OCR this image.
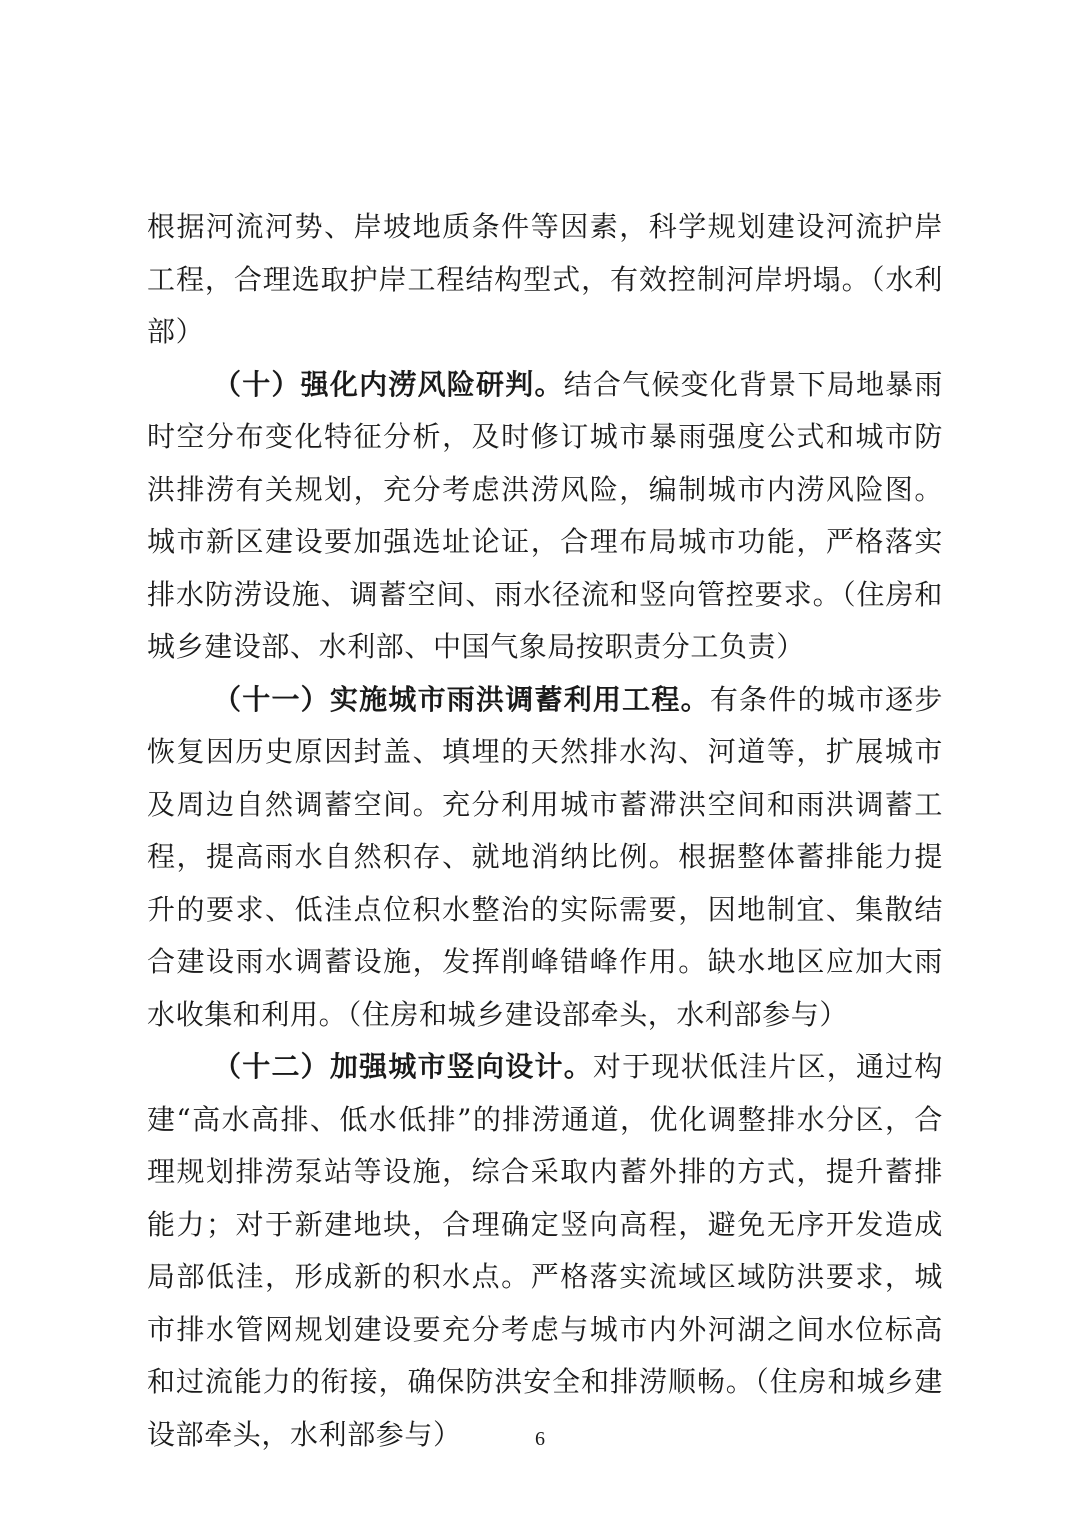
根据河流河势、岸坡地质条件等因素，科学规划建设河流护岸工程，合理选取护岸工程结构型式，有效控制河岸坍塌。（水利部）

（十）强化内涝风险研判。结合气候变化背景下局地暴雨时空分布变化特征分析，及时修订城市暴雨强度公式和城市防洪排涝有关规划，充分考虑洪涝风险，编制城市内涝风险图。城市新区建设要加强选址论证，合理布局城市功能，严格落实排水防涝设施、调蓄空间、雨水径流和竖向管控要求。（住房和城乡建设部、水利部、中国气象局按职责分工负责）

（十一）实施城市雨洪调蓄利用工程。有条件的城市逐步恢复因历史原因封盖、填埋的天然排水沟、河道等，扩展城市及周边自然调蓄空间。充分利用城市蓄滞洪空间和雨洪调蓄工程，提高雨水自然积存、就地消纳比例。根据整体蓄排能力提升的要求、低洼点位积水整治的实际需要，因地制宜、集散结合建设雨水调蓄设施，发挥削峰错峰作用。缺水地区应加大雨水收集和利用。（住房和城乡建设部牵头，水利部参与）

（十二）加强城市竖向设计。对于现状低洼片区，通过构建“高水高排、低水低排”的排涝通道，优化调整排水分区，合理规划排涝泵站等设施，综合采取内蓄外排的方式，提升蓄排能力；对于新建地块，合理确定竖向高程，避免无序开发造成局部低洼，形成新的积水点。严格落实流域区域防洪要求，城市排水管网规划建设要充分考虑与城市内外河湖之间水位标高和过流能力的衔接，确保防洪安全和排涝顺畅。（住房和城乡建设部牵头，水利部参与）	6
